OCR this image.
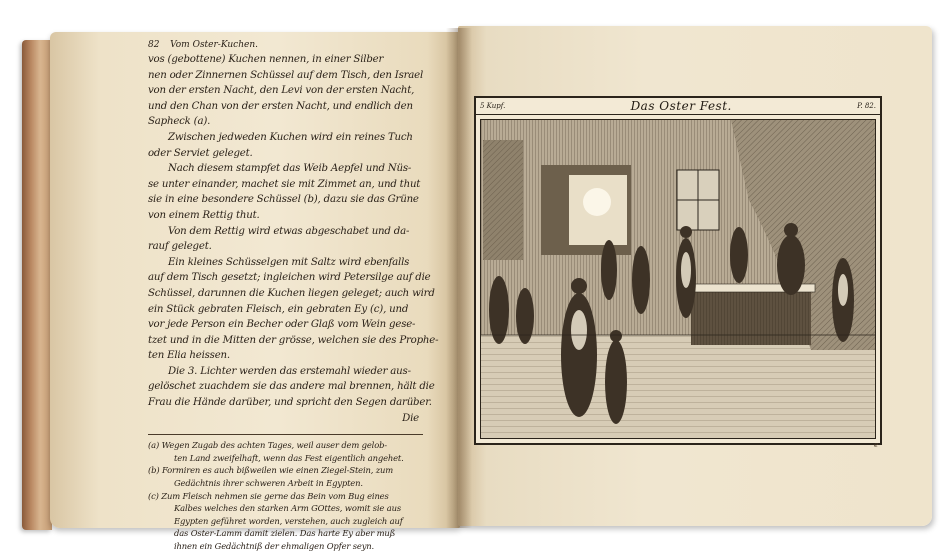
82 Vom Oster-Kuchen.
vos (gebottene) Kuchen nennen, in einer Silber
nen oder Zinnernen Schüssel auf dem Tisch, den Israel
von der ersten Nacht, den Levi von der ersten Nacht,
und den Chan von der ersten Nacht, und endlich den
Sapheck (a).
Zwischen jedweden Kuchen wird ein reines Tuch
oder Serviet geleget.
Nach diesem stampfet das Weib Aepfel und Nüs-
se unter einander, machet sie mit Zimmet an, und thut
sie in eine besondere Schüssel (b), dazu sie das Grüne
von einem Rettig thut.
Von dem Rettig wird etwas abgeschabet und da-
rauf geleget.
Ein kleines Schüsselgen mit Saltz wird ebenfalls
auf dem Tisch gesetzt; ingleichen wird Petersilge auf die
Schüssel, darunnen die Kuchen liegen geleget; auch wird
ein Stück gebraten Fleisch, ein gebraten Ey (c), und
vor jede Person ein Becher oder Glaß vom Wein gese-
tzet und in die Mitten der grösse, welchen sie des Prophe-
ten Elia heissen.
Die 3. Lichter werden das erstemahl wieder aus-
gelöschet zuachdem sie das andere mal brennen, hält die
Frau die Hände darüber, und spricht den Segen darüber.
Die
(a) Wegen Zugab des achten Tages, weil auser dem gelob-
ten Land zweifelhaft, wenn das Fest eigentlich angehet.
(b) Formiren es auch bißweilen wie einen Ziegel-Stein, zum
Gedächtnis ihrer schweren Arbeit in Egypten.
(c) Zum Fleisch nehmen sie gerne das Bein vom Bug eines
Kalbes welches den starken Arm GOttes, womit sie aus
Egypten geführet worden, verstehen, auch zugleich auf
das Oster-Lamm damit zielen. Das harte Ey aber muß
ihnen ein Gedächtniß der ehmaligen Opfer seyn.
5 Kupf.	Das Oster Fest.	P. 82.
e
